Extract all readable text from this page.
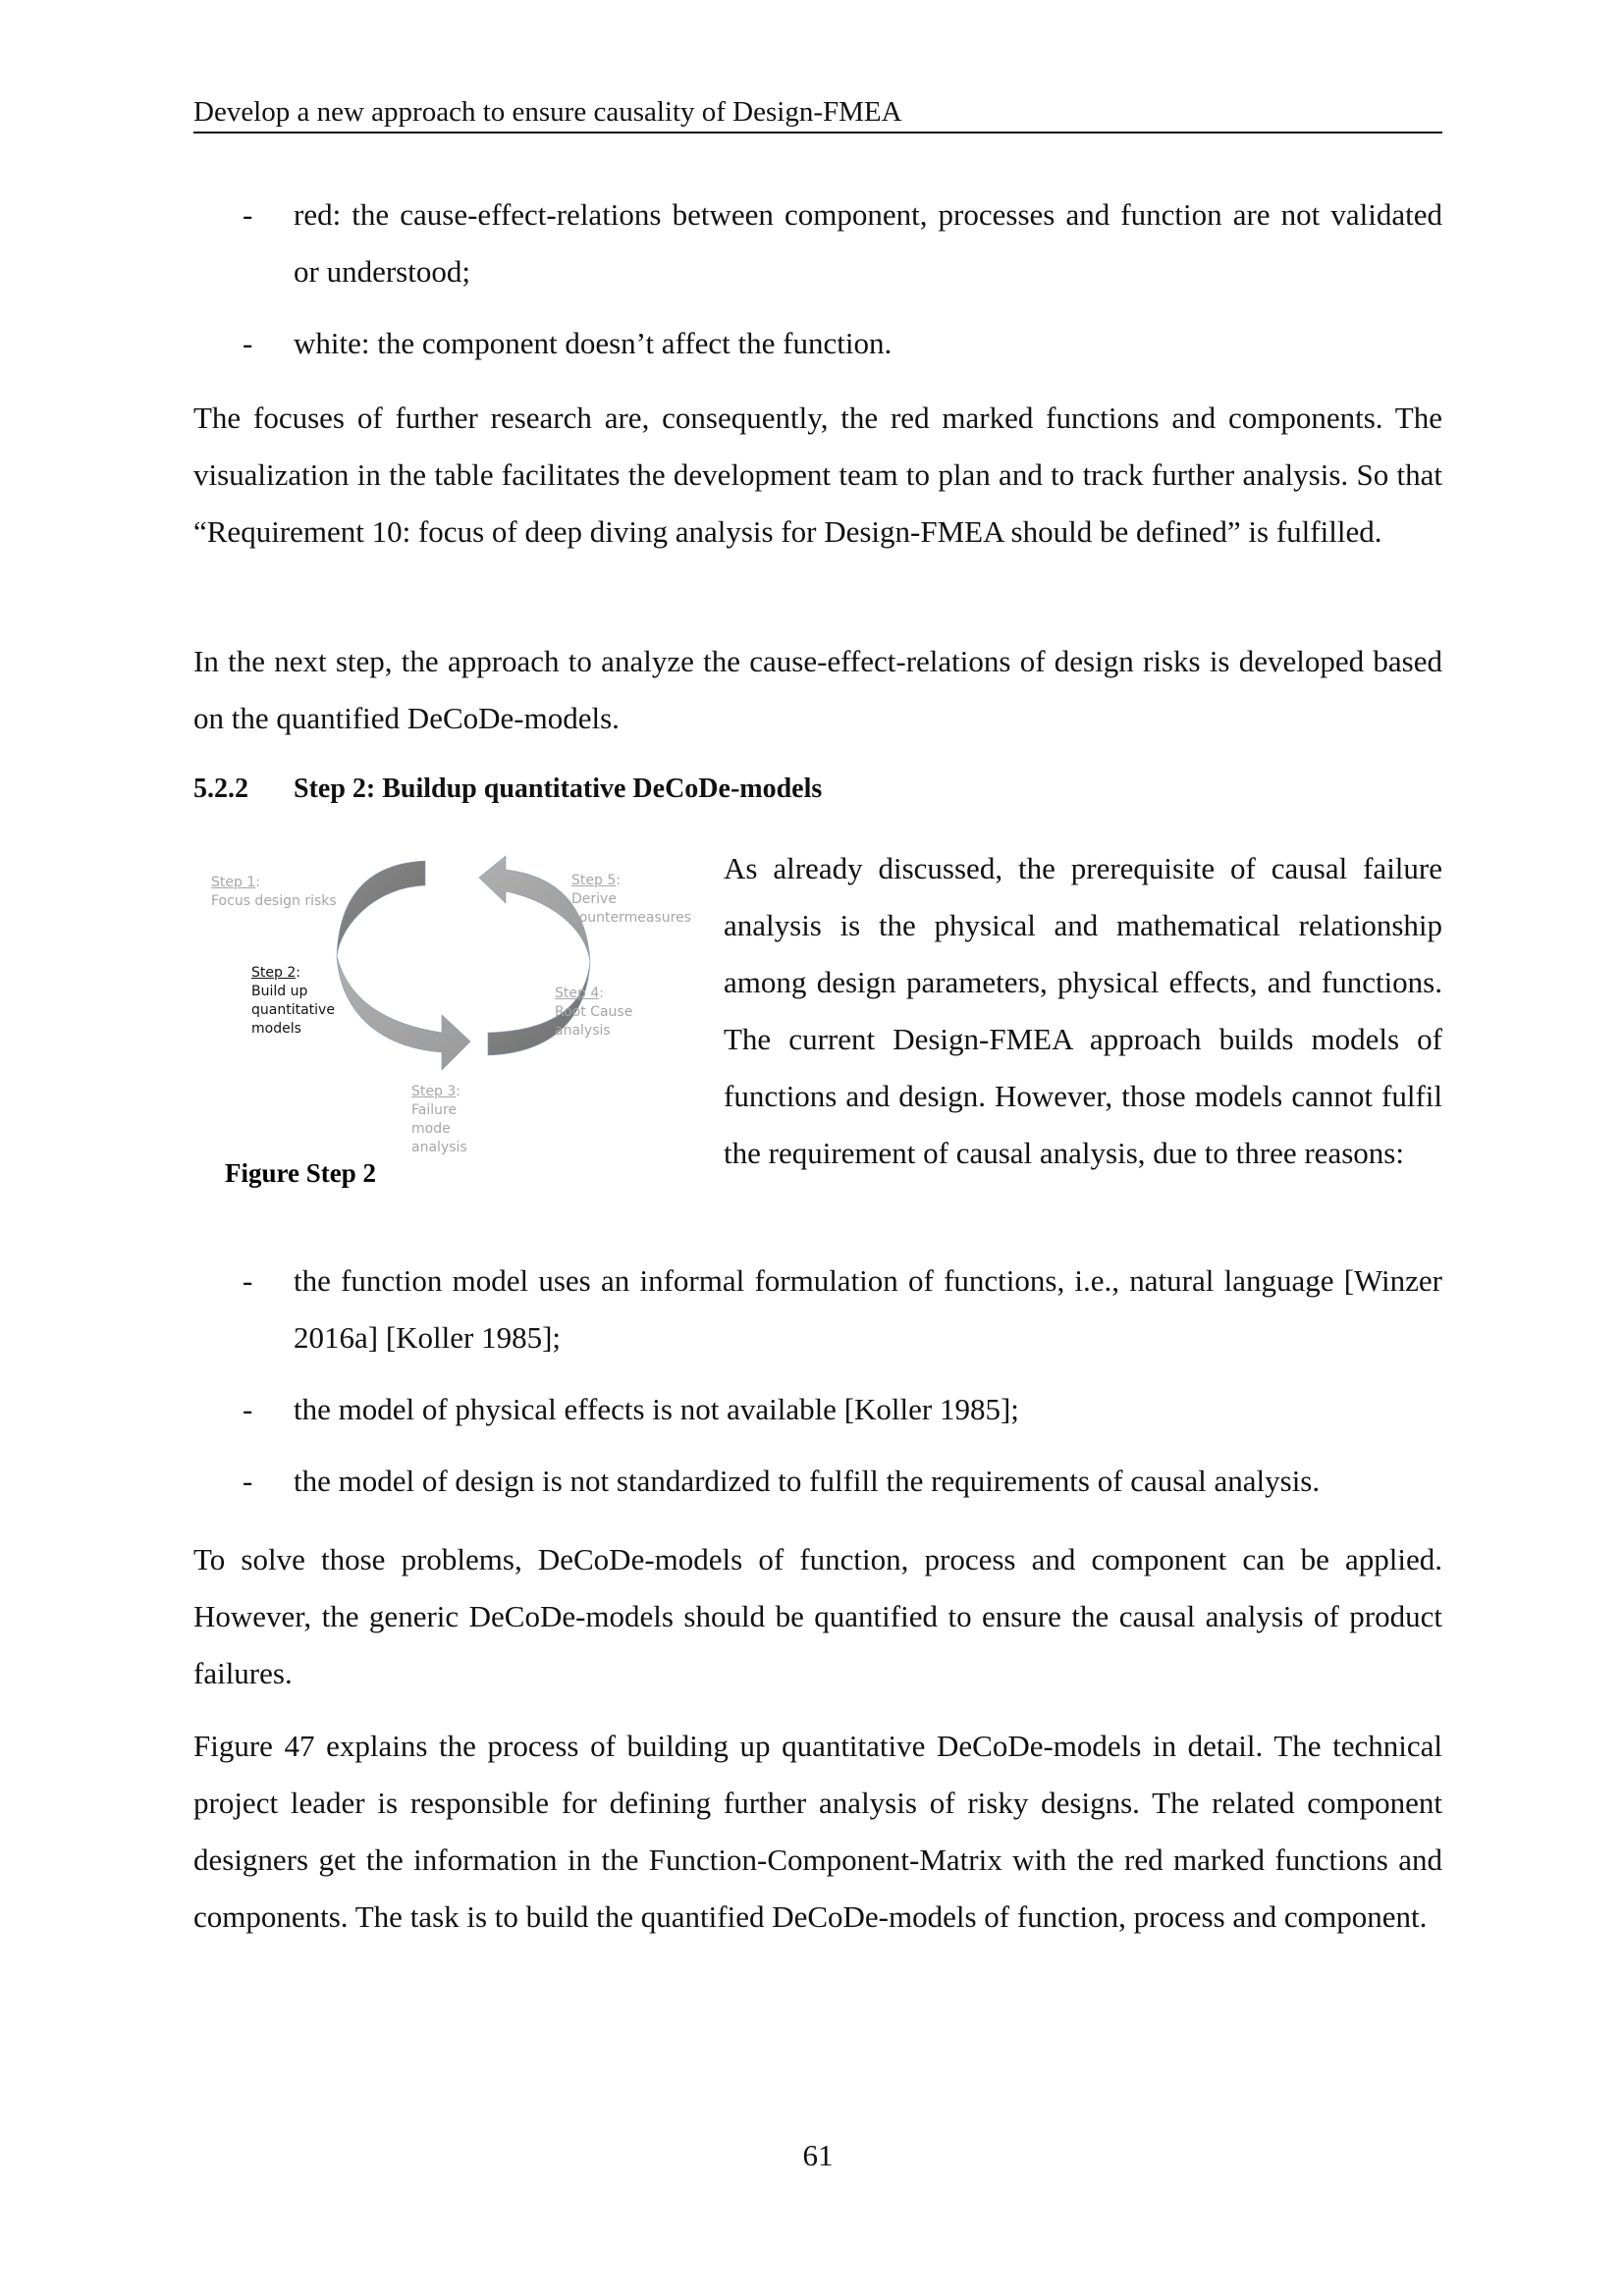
Develop a new approach to ensure causality of Design-FMEA
- red: the cause-effect-relations between component, processes and function are not validated or understood;
- white: the component doesn’t affect the function.

The focuses of further research are, consequently, the red marked functions and components. The visualization in the table facilitates the development team to plan and to track further analysis. So that “Requirement 10: focus of deep diving analysis for Design-FMEA should be defined” is fulfilled.

In the next step, the approach to analyze the cause-effect-relations of design risks is developed based on the quantified DeCoDe-models.

5.2.2 Step 2: Buildup quantitative DeCoDe-models
Step 1:
Focus design risks
Step 2:
Build up quantitative models
Step 3:
Failure mode analysis
Step 4:
Root Cause analysis
Step 5:
Derive countermeasures
Figure Step 2

As already discussed, the prerequisite of causal failure analysis is the physical and mathematical relationship among design parameters, physical effects, and functions. The current Design-FMEA approach builds models of functions and design. However, those models cannot fulfil the requirement of causal analysis, due to three reasons:

- the function model uses an informal formulation of functions, i.e., natural language [Winzer 2016a] [Koller 1985];
- the model of physical effects is not available [Koller 1985];
- the model of design is not standardized to fulfill the requirements of causal analysis.

To solve those problems, DeCoDe-models of function, process and component can be applied. However, the generic DeCoDe-models should be quantified to ensure the causal analysis of product failures.

Figure 47 explains the process of building up quantitative DeCoDe-models in detail. The technical project leader is responsible for defining further analysis of risky designs. The related component designers get the information in the Function-Component-Matrix with the red marked functions and components. The task is to build the quantified DeCoDe-models of function, process and component.

61
